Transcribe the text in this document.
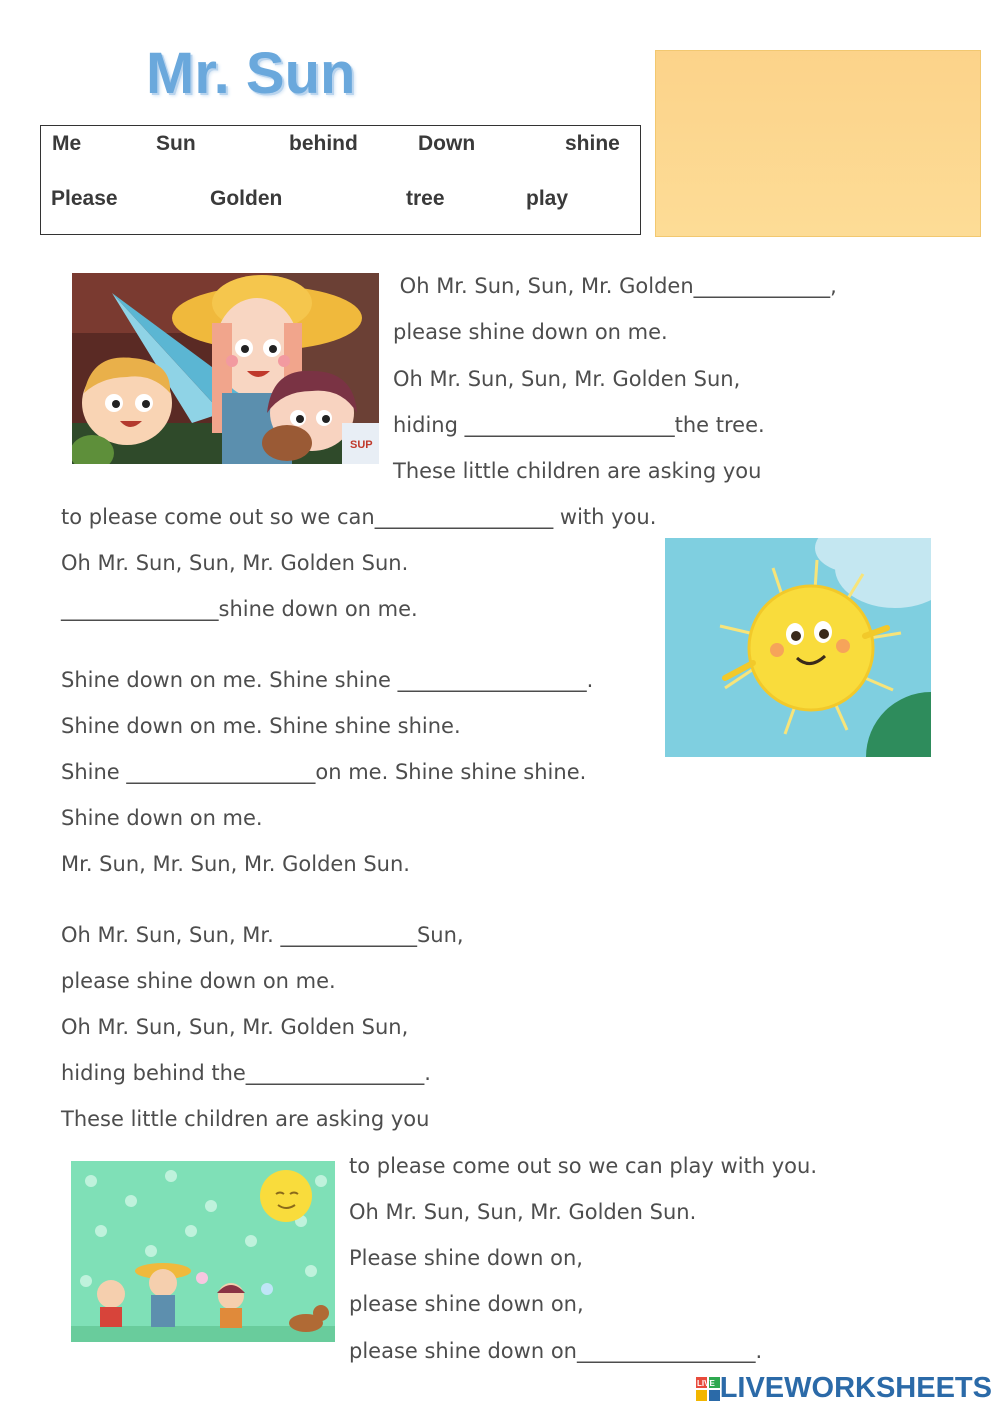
Mr. Sun
Me	Sun	behind	Down	shine
Please	Golden	tree	play
SUP
Oh Mr. Sun, Sun, Mr. Golden_____________,
please shine down on me.
Oh Mr. Sun, Sun, Mr. Golden Sun,
hiding ____________________the tree.
These little children are asking you
to please come out so we can_________________ with you.
Oh Mr. Sun, Sun, Mr. Golden Sun.
_______________shine down on me.
Shine down on me. Shine shine __________________.
Shine down on me. Shine shine shine.
Shine __________________on me. Shine shine shine.
Shine down on me.
Mr. Sun, Mr. Sun, Mr. Golden Sun.
Oh Mr. Sun, Sun, Mr. _____________Sun,
please shine down on me.
Oh Mr. Sun, Sun, Mr. Golden Sun,
hiding behind the_________________.
These little children are asking you
to please come out so we can play with you.
Oh Mr. Sun, Sun, Mr. Golden Sun.
Please shine down on,
please shine down on,
please shine down on_________________.
LIVE LIVEWORKSHEETS
